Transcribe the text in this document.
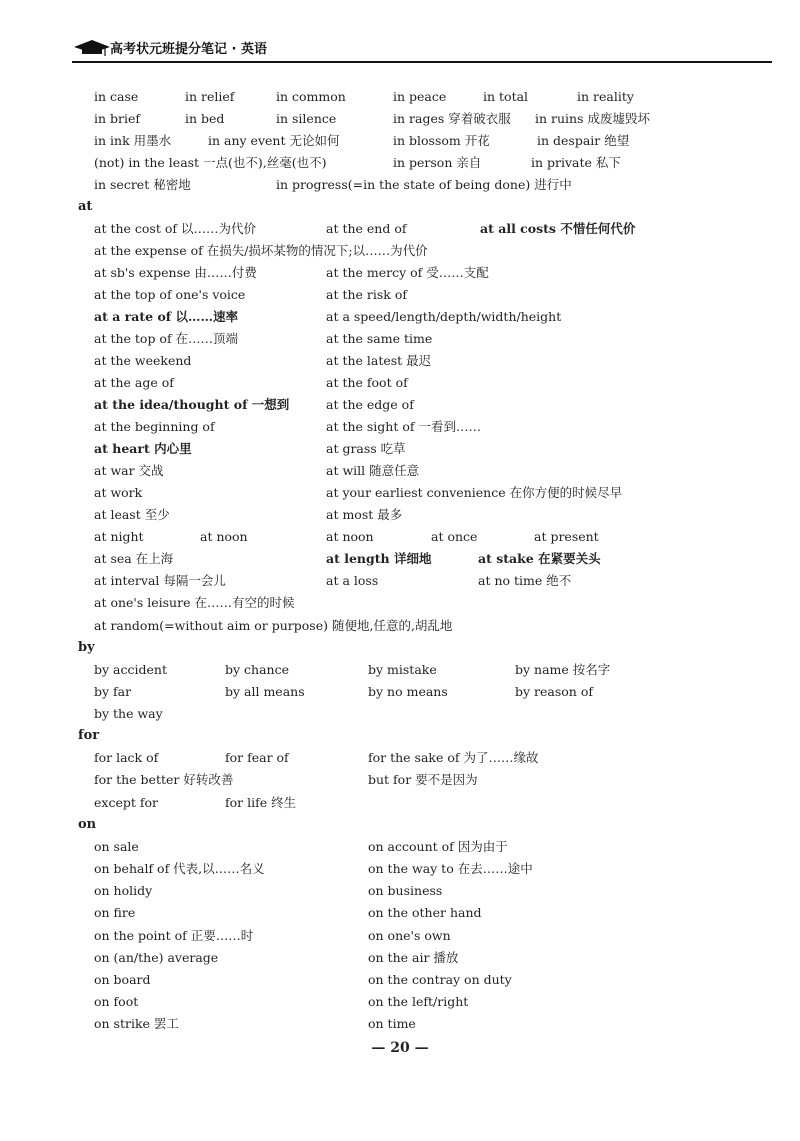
高考状元班提分笔记 · 英语
in case	in relief	in common	in peace	in total	in reality
in brief	in bed	in silence	in rages 穿着破衣服 in ruins 成废墟毁坏
in ink 用墨水	in any event 无论如何	in blossom 开花	in despair 绝望
(not) in the least 一点(也不),丝毫(也不)	in person 亲自	in private 私下
in secret 秘密地	in progress(=in the state of being done) 进行中
at
at the cost of 以……为代价	at the end of	at all costs 不惜任何代价
at the expense of 在损失/损坏某物的情况下;以……为代价
at sb's expense 由……付费	at the mercy of 受……支配
at the top of one's voice	at the risk of
at a rate of 以……速率	at a speed/length/depth/width/height
at the top of 在……顶端	at the same time
at the weekend	at the latest 最迟
at the age of	at the foot of
at the idea/thought of 一想到	at the edge of
at the beginning of	at the sight of 一看到……
at heart 内心里	at grass 吃草
at war 交战	at will 随意任意
at work	at your earliest convenience 在你方便的时候尽早
at least 至少	at most 最多
at night	at noon	at noon	at once	at present
at sea 在上海	at length 详细地	at stake 在紧要关头
at interval 每隔一会儿	at a loss	at no time 绝不
at one's leisure 在……有空的时候
at random(=without aim or purpose) 随便地,任意的,胡乱地
by
by accident	by chance	by mistake	by name 按名字
by far	by all means	by no means	by reason of
by the way
for
for lack of	for fear of	for the sake of 为了……缘故
for the better 好转改善	but for 要不是因为
except for	for life 终生
on
on sale	on account of 因为由于
on behalf of 代表,以……名义	on the way to 在去……途中
on holidy	on business
on fire	on the other hand
on the point of 正要……时	on one's own
on (an/the) average	on the air 播放
on board	on the contray on duty
on foot	on the left/right
on strike 罢工	on time
— 20 —
